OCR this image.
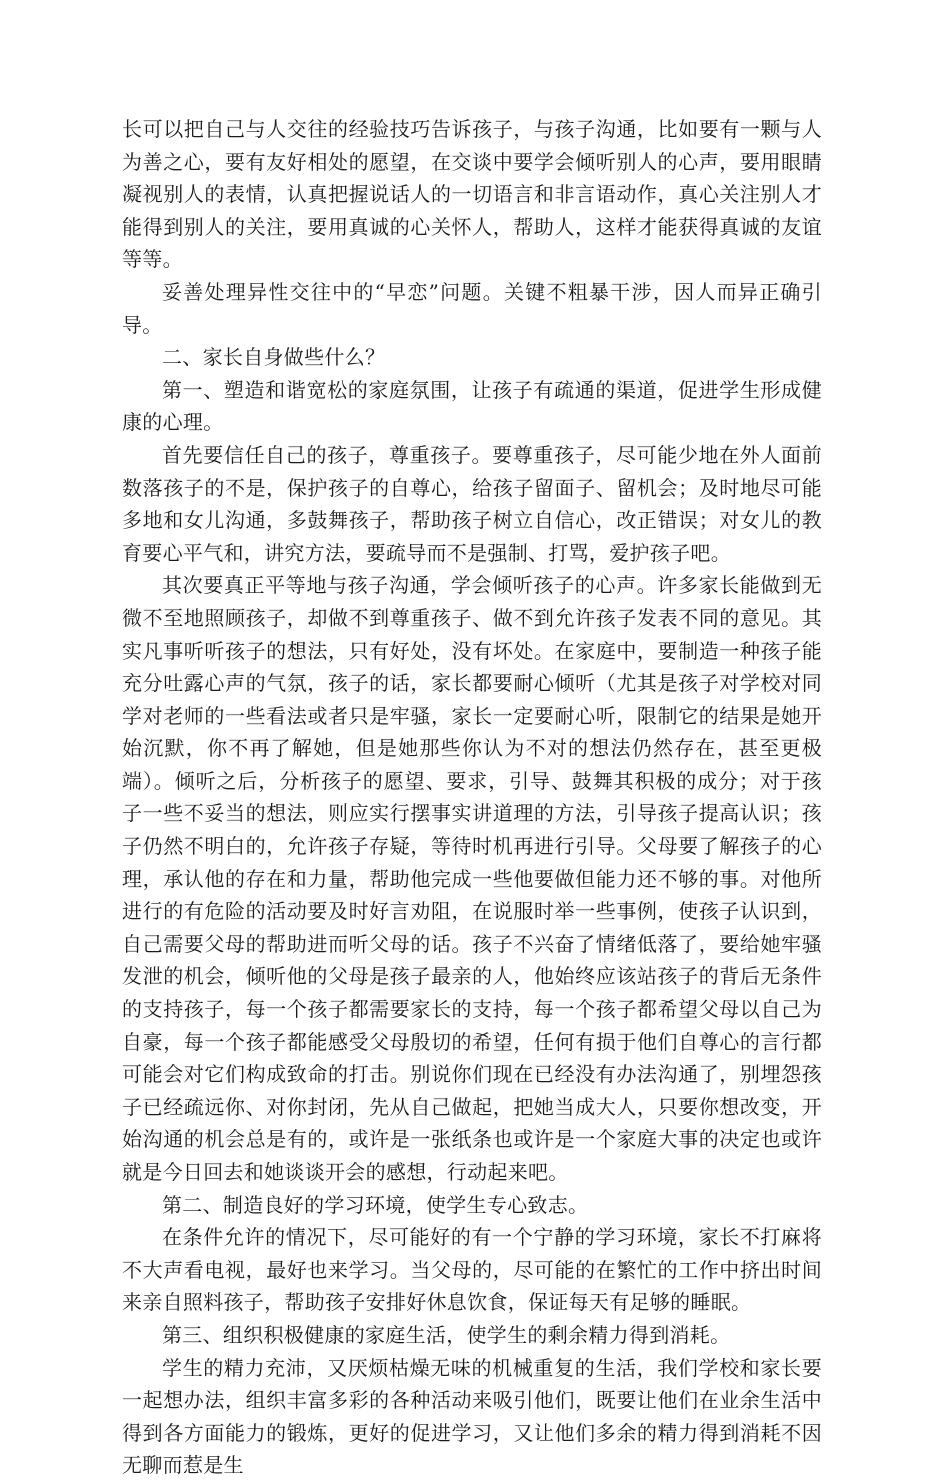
长可以把自己与人交往的经验技巧告诉孩子，与孩子沟通，比如要有一颗与人为善之心，要有友好相处的愿望，在交谈中要学会倾听别人的心声，要用眼睛凝视别人的表情，认真把握说话人的一切语言和非言语动作，真心关注别人才能得到别人的关注，要用真诚的心关怀人，帮助人，这样才能获得真诚的友谊等等。

妥善处理异性交往中的“早恋”问题。关键不粗暴干涉，因人而异正确引导。

二、家长自身做些什么？

第一、塑造和谐宽松的家庭氛围，让孩子有疏通的渠道，促进学生形成健康的心理。

首先要信任自己的孩子，尊重孩子。要尊重孩子，尽可能少地在外人面前数落孩子的不是，保护孩子的自尊心，给孩子留面子、留机会；及时地尽可能多地和女儿沟通，多鼓舞孩子，帮助孩子树立自信心，改正错误；对女儿的教育要心平气和，讲究方法，要疏导而不是强制、打骂，爱护孩子吧。

其次要真正平等地与孩子沟通，学会倾听孩子的心声。许多家长能做到无微不至地照顾孩子，却做不到尊重孩子、做不到允许孩子发表不同的意见。其实凡事听听孩子的想法，只有好处，没有坏处。在家庭中，要制造一种孩子能充分吐露心声的气氛，孩子的话，家长都要耐心倾听（尤其是孩子对学校对同学对老师的一些看法或者只是牢骚，家长一定要耐心听，限制它的结果是她开始沉默，你不再了解她，但是她那些你认为不对的想法仍然存在，甚至更极端）。倾听之后，分析孩子的愿望、要求，引导、鼓舞其积极的成分；对于孩子一些不妥当的想法，则应实行摆事实讲道理的方法，引导孩子提高认识；孩子仍然不明白的，允许孩子存疑，等待时机再进行引导。父母要了解孩子的心理，承认他的存在和力量，帮助他完成一些他要做但能力还不够的事。对他所进行的有危险的活动要及时好言劝阻，在说服时举一些事例，使孩子认识到，自己需要父母的帮助进而听父母的话。孩子不兴奋了情绪低落了，要给她牢骚发泄的机会，倾听他的父母是孩子最亲的人，他始终应该站孩子的背后无条件的支持孩子，每一个孩子都需要家长的支持，每一个孩子都希望父母以自己为自豪，每一个孩子都能感受父母殷切的希望，任何有损于他们自尊心的言行都可能会对它们构成致命的打击。别说你们现在已经没有办法沟通了，别埋怨孩子已经疏远你、对你封闭，先从自己做起，把她当成大人，只要你想改变，开始沟通的机会总是有的，或许是一张纸条也或许是一个家庭大事的决定也或许就是今日回去和她谈谈开会的感想，行动起来吧。

第二、制造良好的学习环境，使学生专心致志。

在条件允许的情况下，尽可能好的有一个宁静的学习环境，家长不打麻将不大声看电视，最好也来学习。当父母的，尽可能的在繁忙的工作中挤出时间来亲自照料孩子，帮助孩子安排好休息饮食，保证每天有足够的睡眠。

第三、组织积极健康的家庭生活，使学生的剩余精力得到消耗。

学生的精力充沛，又厌烦枯燥无味的机械重复的生活，我们学校和家长要一起想办法，组织丰富多彩的各种活动来吸引他们，既要让他们在业余生活中得到各方面能力的锻炼，更好的促进学习，又让他们多余的精力得到消耗不因无聊而惹是生
